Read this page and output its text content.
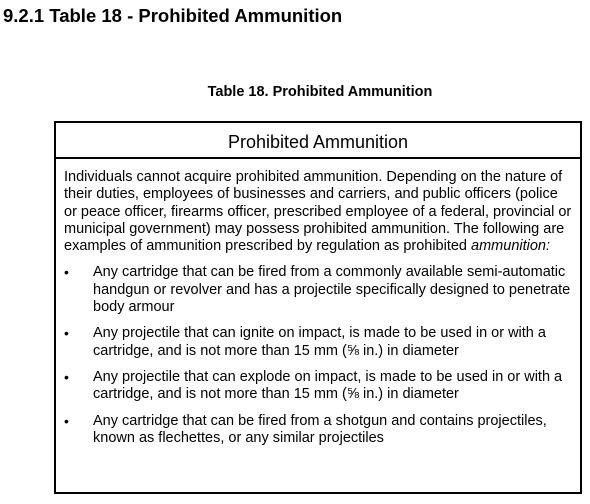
9.2.1 Table 18 - Prohibited Ammunition
Table 18. Prohibited Ammunition
Prohibited Ammunition

Individuals cannot acquire prohibited ammunition. Depending on the nature of their duties, employees of businesses and carriers, and public officers (police or peace officer, firearms officer, prescribed employee of a federal, provincial or municipal government) may possess prohibited ammunition. The following are examples of ammunition prescribed by regulation as prohibited ammunition:

•	Any cartridge that can be fired from a commonly available semi-automatic handgun or revolver and has a projectile specifically designed to penetrate body armour
•	Any projectile that can ignite on impact, is made to be used in or with a cartridge, and is not more than 15 mm (⅝ in.) in diameter
•	Any projectile that can explode on impact, is made to be used in or with a cartridge, and is not more than 15 mm (⅝ in.) in diameter
•	Any cartridge that can be fired from a shotgun and contains projectiles, known as flechettes, or any similar projectiles
